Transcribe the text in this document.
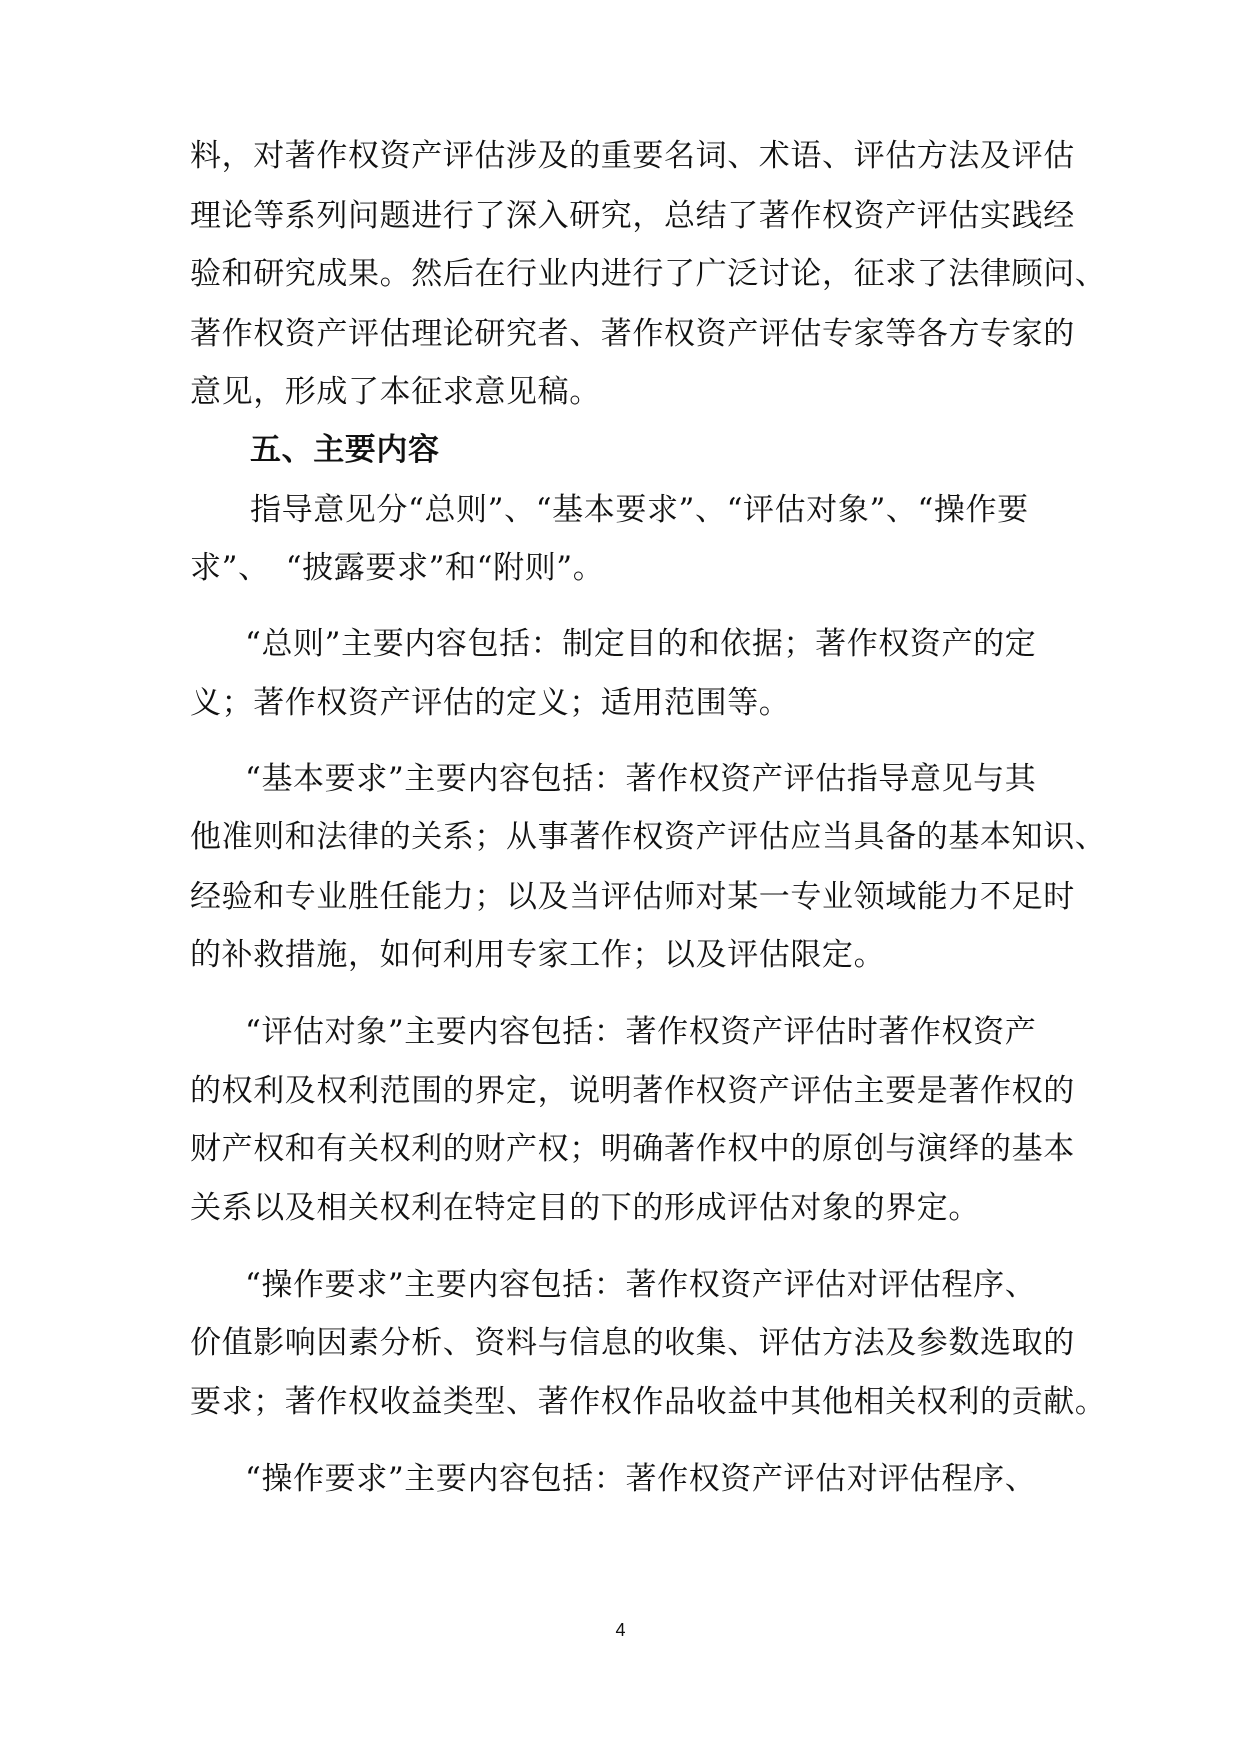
料，对著作权资产评估涉及的重要名词、术语、评估方法及评估
理论等系列问题进行了深入研究，总结了著作权资产评估实践经
验和研究成果。然后在行业内进行了广泛讨论，征求了法律顾问、
著作权资产评估理论研究者、著作权资产评估专家等各方专家的
意见，形成了本征求意见稿。
五、主要内容
指导意见分“总则”、“基本要求”、“评估对象”、“操作要
求”、　“披露要求”和“附则”。
“总则”主要内容包括：制定目的和依据；著作权资产的定
义；著作权资产评估的定义；适用范围等。
“基本要求”主要内容包括：著作权资产评估指导意见与其
他准则和法律的关系；从事著作权资产评估应当具备的基本知识、
经验和专业胜任能力；以及当评估师对某一专业领域能力不足时
的补救措施，如何利用专家工作；以及评估限定。
“评估对象”主要内容包括：著作权资产评估时著作权资产
的权利及权利范围的界定，说明著作权资产评估主要是著作权的
财产权和有关权利的财产权；明确著作权中的原创与演绎的基本
关系以及相关权利在特定目的下的形成评估对象的界定。
“操作要求”主要内容包括：著作权资产评估对评估程序、
价值影响因素分析、资料与信息的收集、评估方法及参数选取的
要求；著作权收益类型、著作权作品收益中其他相关权利的贡献。
“操作要求”主要内容包括：著作权资产评估对评估程序、
4
